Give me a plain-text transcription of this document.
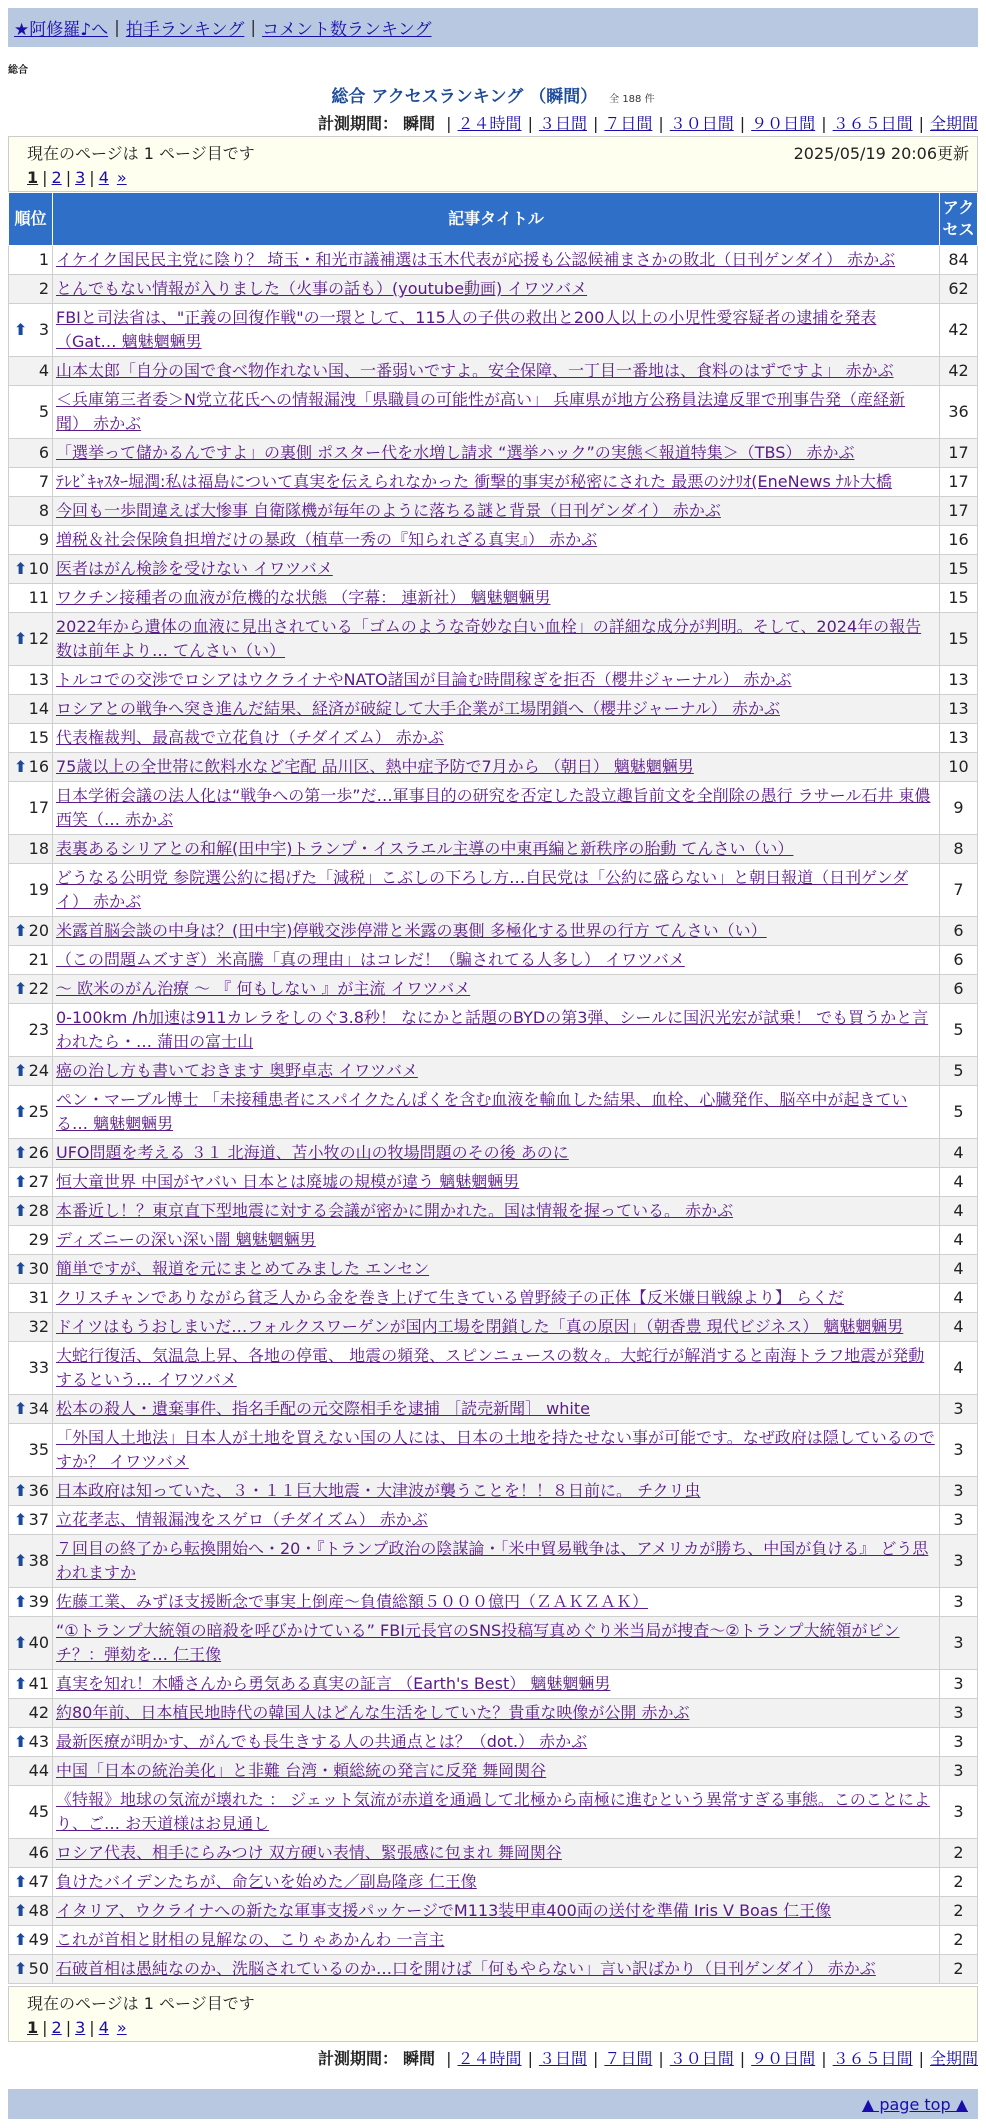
★阿修羅♪へ | 拍手ランキング | コメント数ランキング
総合
総合 アクセスランキング （瞬間） 全 188 件
計測期間： 瞬間 | ２４時間 | ３日間 | ７日間 | ３０日間 | ９０日間 | ３６５日間 | 全期間
現在のページは 1 ページ目です	2025/05/19 20:06更新
1 | 2 | 3 | 4 »
順位	記事タイトル	アクセス
1	イケイク国民民主党に陰り？ 埼玉・和光市議補選は玉木代表が応援も公認候補まさかの敗北（日刊ゲンダイ） 赤かぶ	84
2	とんでもない情報が入りました（火事の話も）(youtube動画) イワツバメ	62

⬆ 3	FBIと司法省は、"正義の回復作戦"の一環として、115人の子供の救出と200人以上の小児性愛容疑者の逮捕を発表（Gat… 魑魅魍魎男	42
4	山本太郎「自分の国で食べ物作れない国、一番弱いですよ。安全保障、一丁目一番地は、食料のはずですよ」 赤かぶ	42
5	＜兵庫第三者委＞N党立花氏への情報漏洩「県職員の可能性が高い」 兵庫県が地方公務員法違反罪で刑事告発（産経新聞） 赤かぶ	36
6	「選挙って儲かるんですよ」の裏側 ポスター代を水増し請求 “選挙ハック”の実態＜報道特集＞（TBS） 赤かぶ	17
7	ﾃﾚﾋﾞｷｬｽﾀｰ堀潤:私は福島について真実を伝えられなかった 衝撃的事実が秘密にされた 最悪のｼﾅﾘｵ(EneNews ﾅﾙﾄ大橋	17
8	今回も一歩間違えば大惨事 自衛隊機が毎年のように落ちる謎と背景（日刊ゲンダイ） 赤かぶ	17
9	増税＆社会保険負担増だけの暴政（植草一秀の『知られざる真実』） 赤かぶ	16

⬆ 10	医者はがん検診を受けない イワツバメ	15
11	ワクチン接種者の血液が危機的な状態 （字幕： 連新社） 魑魅魍魎男	15

⬆ 12	2022年から遺体の血液に見出されている「ゴムのような奇妙な白い血栓」の詳細な成分が判明。そして、2024年の報告数は前年より… てんさい（い）	15
13	トルコでの交渉でロシアはウクライナやNATO諸国が目論む時間稼ぎを拒否（櫻井ジャーナル） 赤かぶ	13
14	ロシアとの戦争へ突き進んだ結果、経済が破綻して大手企業が工場閉鎖へ（櫻井ジャーナル） 赤かぶ	13
15	代表権裁判、最高裁で立花負け（チダイズム） 赤かぶ	13

⬆ 16	75歳以上の全世帯に飲料水など宅配 品川区、熱中症予防で7月から （朝日） 魑魅魍魎男	10
17	日本学術会議の法人化は“戦争への第一歩”だ…軍事目的の研究を否定した設立趣旨前文を全削除の愚行 ラサール石井 東儂西笑（… 赤かぶ	9
18	表裏あるシリアとの和解(田中宇)トランプ・イスラエル主導の中東再編と新秩序の胎動 てんさい（い）	8
19	どうなる公明党 参院選公約に掲げた「減税」こぶしの下ろし方…自民党は「公約に盛らない」と朝日報道（日刊ゲンダイ） 赤かぶ	7

⬆ 20	米露首脳会談の中身は？(田中宇)停戦交渉停滞と米露の裏側 多極化する世界の行方 てんさい（い）	6
21	（この問題ムズすぎ）米高騰「真の理由」はコレだ！（騙されてる人多し） イワツバメ	6

⬆ 22	～ 欧米のがん治療 ～ 『 何もしない 』が主流 イワツバメ	6
23	0-100km /h加速は911カレラをしのぐ3.8秒！ なにかと話題のBYDの第3弾、シールに国沢光宏が試乗！ でも買うかと言われたら・… 蒲田の富士山	5

⬆ 24	癌の治し方も書いておきます 奥野卓志 イワツバメ	5

⬆ 25	ペン・マーブル博士 「未接種患者にスパイクたんぱくを含む血液を輸血した結果、血栓、心臓発作、脳卒中が起きている… 魑魅魍魎男	5

⬆ 26	UFO問題を考える ３１ 北海道、苫小牧の山の牧場問題のその後 あのに	4

⬆ 27	恒大童世界 中国がヤバい 日本とは廃墟の規模が違う 魑魅魍魎男	4

⬆ 28	本番近し！？東京直下型地震に対する会議が密かに開かれた。国は情報を握っている。 赤かぶ	4
29	ディズニーの深い深い闇 魑魅魍魎男	4

⬆ 30	簡単ですが、報道を元にまとめてみました エンセン	4
31	クリスチャンでありながら貧乏人から金を巻き上げて生きている曽野綾子の正体【反米嫌日戦線より】 らくだ	4
32	ドイツはもうおしまいだ…フォルクスワーゲンが国内工場を閉鎖した「真の原因」（朝香豊 現代ビジネス） 魑魅魍魎男	4
33	大蛇行復活、気温急上昇、各地の停電、 地震の頻発、スピンニュースの数々。大蛇行が解消すると南海トラフ地震が発動するという… イワツバメ	4

⬆ 34	松本の殺人・遺棄事件、指名手配の元交際相手を逮捕 ［読売新聞］ white	3
35	「外国人土地法」日本人が土地を買えない国の人には、日本の土地を持たせない事が可能です。なぜ政府は隠しているのですか？ イワツバメ	3

⬆ 36	日本政府は知っていた、３・１１巨大地震・大津波が襲うことを！！８日前に。 チクリ虫	3

⬆ 37	立花孝志、情報漏洩をスゲロ（チダイズム） 赤かぶ	3

⬆ 38	７回目の終了から転換開始へ・20・『トランプ政治の陰謀論・「米中貿易戦争は、アメリカが勝ち、中国が負ける』 どう思われますか	3

⬆ 39	佐藤工業、みずほ支援断念で事実上倒産～負債総額５０００億円（ＺＡＫＺＡＫ）	3

⬆ 40	“①トランプ大統領の暗殺を呼びかけている” FBI元長官のSNS投稿写真めぐり米当局が捜査～②トランプ大統領がピンチ？：弾劾を… 仁王像	3

⬆ 41	真実を知れ！木幡さんから勇気ある真実の証言 （Earth's Best） 魑魅魍魎男	3
42	約80年前、日本植民地時代の韓国人はどんな生活をしていた？貴重な映像が公開 赤かぶ	3

⬆ 43	最新医療が明かす、がんでも長生きする人の共通点とは？（dot.） 赤かぶ	3
44	中国「日本の統治美化」と非難 台湾・頼総統の発言に反発 舞岡関谷	3
45	《特報》地球の気流が壊れた ： ジェット気流が赤道を通過して北極から南極に進むという異常すぎる事態。このことにより、ご… お天道様はお見通し	3
46	ロシア代表、相手にらみつけ 双方硬い表情、緊張感に包まれ 舞岡関谷	2

⬆ 47	負けたバイデンたちが、命乞いを始めた／副島隆彦 仁王像	2

⬆ 48	イタリア、ウクライナへの新たな軍事支援パッケージでM113装甲車400両の送付を準備 Iris V Boas 仁王像	2

⬆ 49	これが首相と財相の見解なの、こりゃあかんわ 一言主	2

⬆ 50	石破首相は愚純なのか、洗脳されているのか…口を開けば「何もやらない」言い訳ばかり（日刊ゲンダイ） 赤かぶ	2
現在のページは 1 ページ目です
1 | 2 | 3 | 4 »
計測期間： 瞬間 | ２４時間 | ３日間 | ７日間 | ３０日間 | ９０日間 | ３６５日間 | 全期間
▲ page top ▲
